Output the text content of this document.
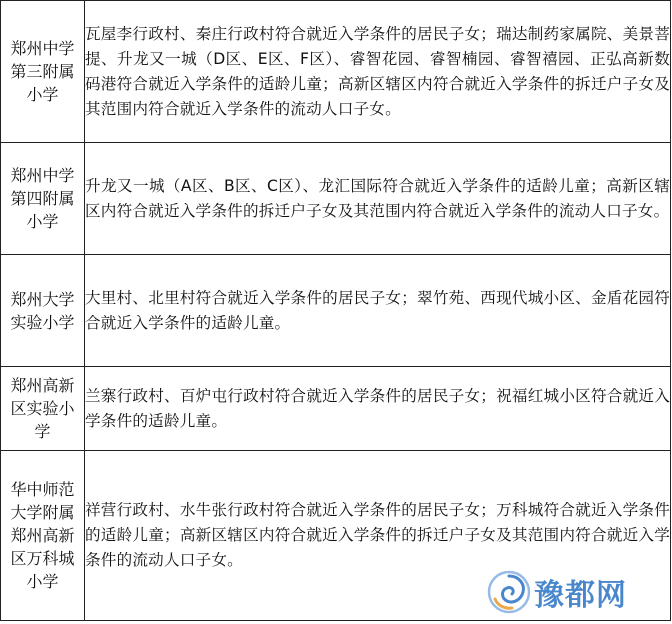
郑州中学第三附属小学	瓦屋李行政村、秦庄行政村符合就近入学条件的居民子女；瑞达制药家属院、美景菩提、升龙又一城（D区、E区、F区）、睿智花园、睿智楠园、睿智禧园、正弘高新数码港符合就近入学条件的适龄儿童；高新区辖区内符合就近入学条件的拆迁户子女及其范围内符合就近入学条件的流动人口子女。

郑州中学第四附属小学	升龙又一城（A区、B区、C区）、龙汇国际符合就近入学条件的适龄儿童；高新区辖区内符合就近入学条件的拆迁户子女及其范围内符合就近入学条件的流动人口子女。

郑州大学实验小学	大里村、北里村符合就近入学条件的居民子女；翠竹苑、西现代城小区、金盾花园符合就近入学条件的适龄儿童。

郑州高新区实验小学	兰寨行政村、百炉屯行政村符合就近入学条件的居民子女；祝福红城小区符合就近入学条件的适龄儿童。

华中师范大学附属郑州高新区万科城小学	祥营行政村、水牛张行政村符合就近入学条件的居民子女；万科城符合就近入学条件的适龄儿童；高新区辖区内符合就近入学条件的拆迁户子女及其范围内符合就近入学条件的流动人口子女。
豫都网
